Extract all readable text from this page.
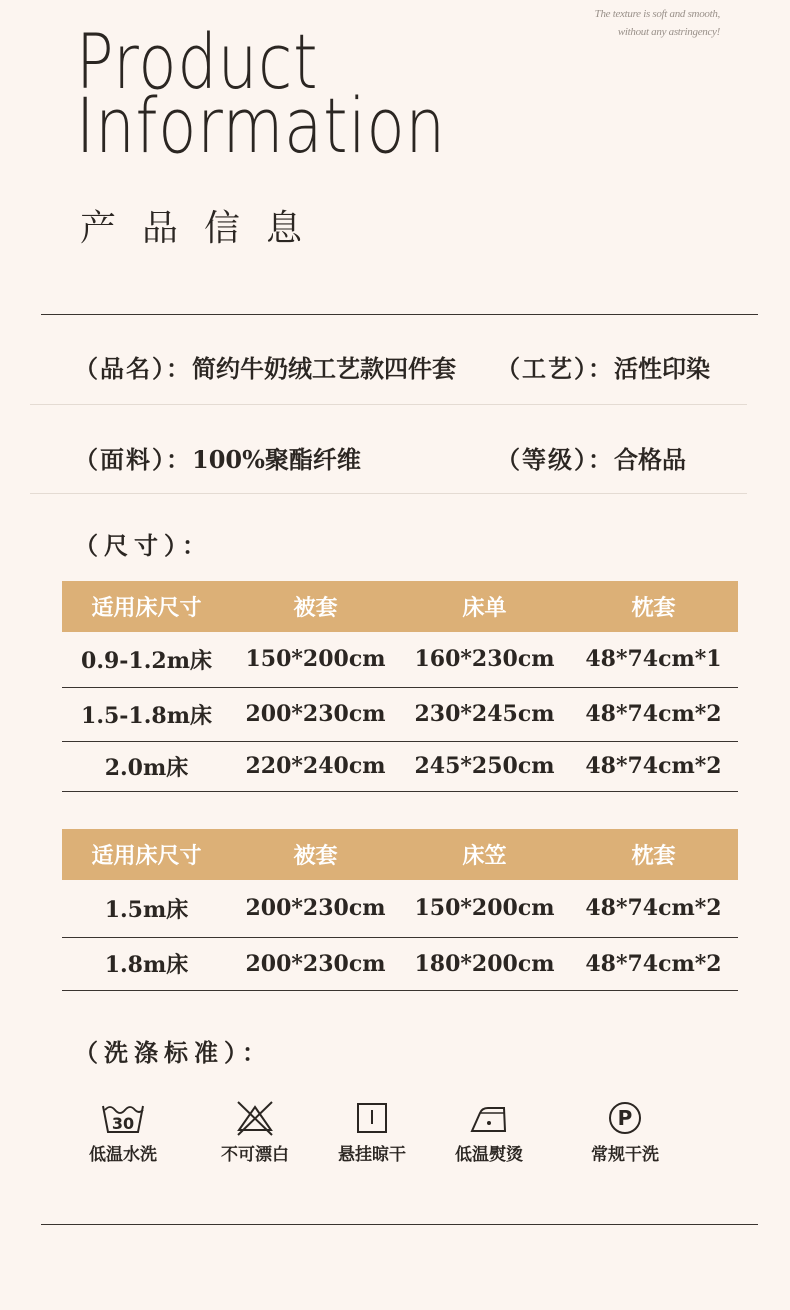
The texture is soft and smooth,
without any astringency!
Product
Information
产品信息
（品名）：简约牛奶绒工艺款四件套 （工艺）：活性印染
（面料）：100%聚酯纤维	（等级）：合格品
（尺寸）：
适用床尺寸	被套	床单	枕套
0.9-1.2m床	150*200cm	160*230cm	48*74cm*1
1.5-1.8m床	200*230cm	230*245cm	48*74cm*2
2.0m床	220*240cm	245*250cm	48*74cm*2
适用床尺寸	被套	床笠	枕套
1.5m床	200*230cm	150*200cm	48*74cm*2
1.8m床	200*230cm	180*200cm	48*74cm*2
（洗涤标准）：
30
低温水洗	不可漂白	悬挂晾干	低温熨烫
P
常规干洗
